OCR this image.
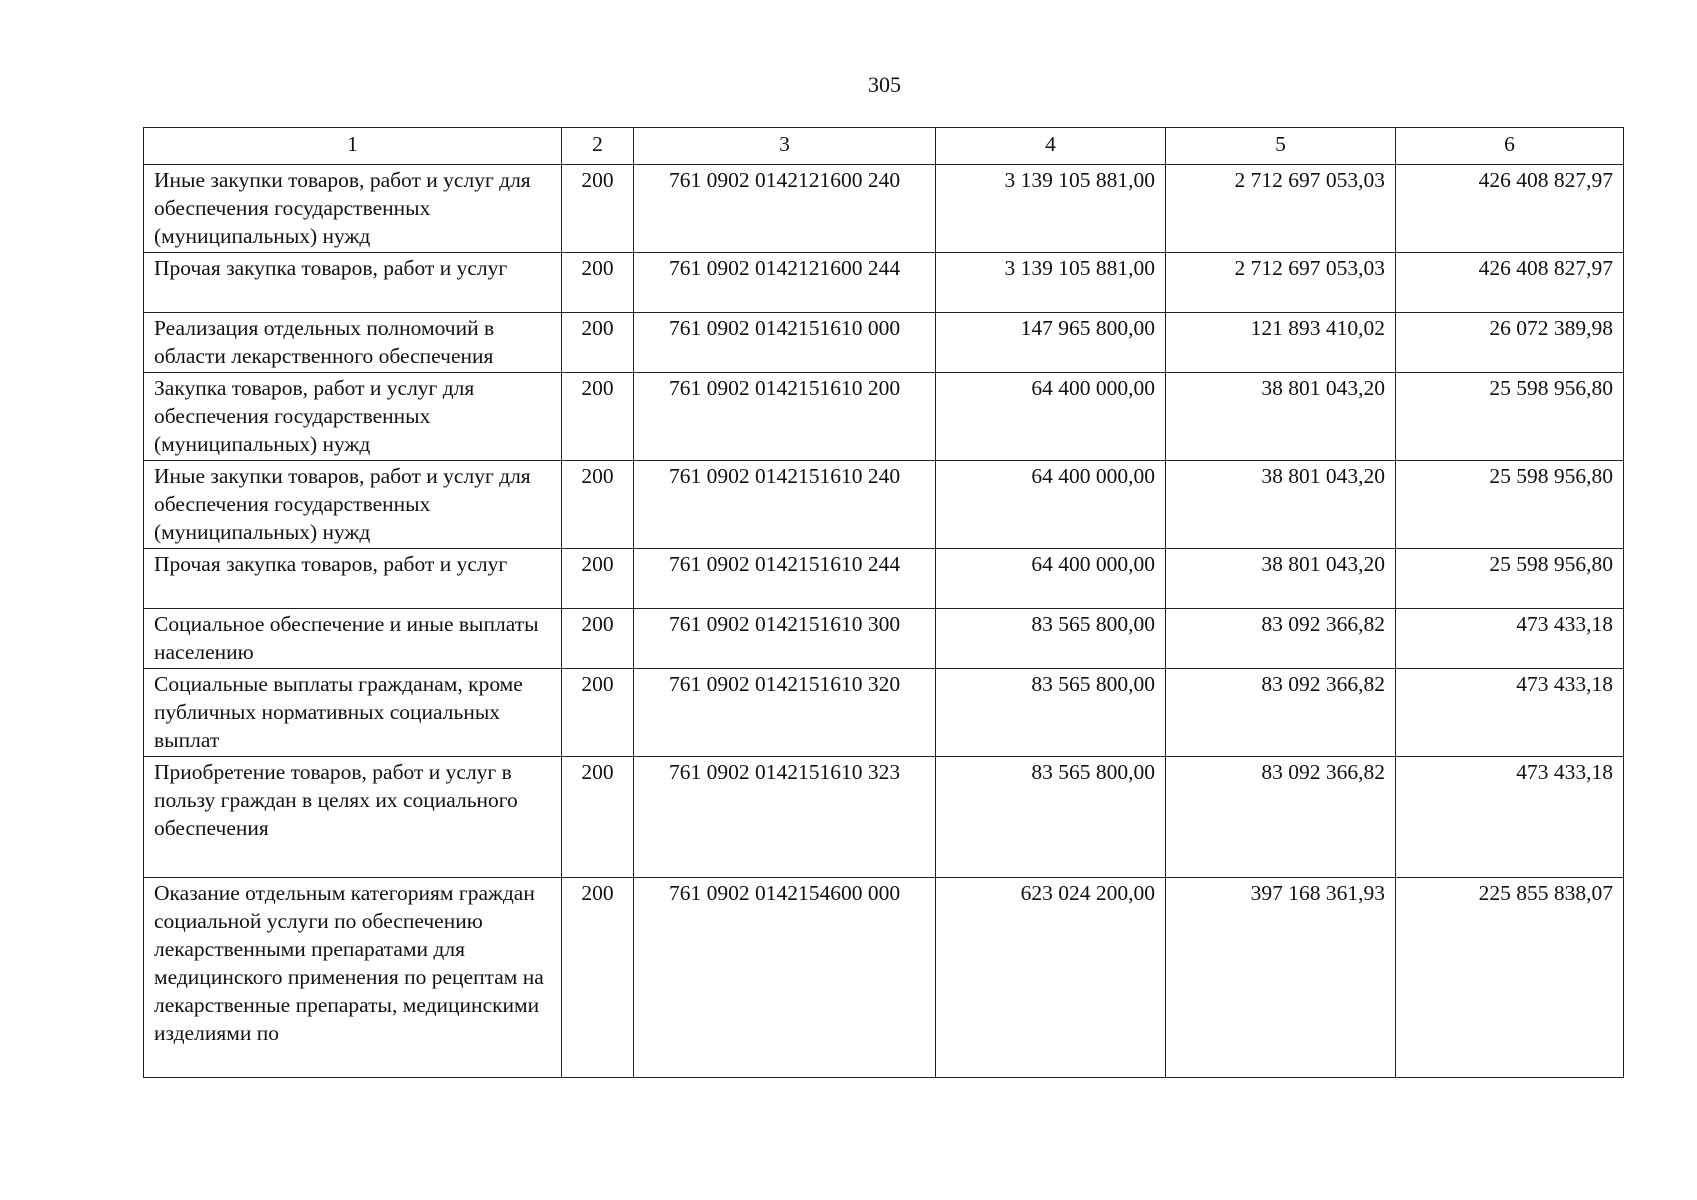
305
1	2	3	4	5	6
Иные закупки товаров, работ и услуг для обеспечения государственных (муниципальных) нужд	200	761 0902 0142121600 240	3 139 105 881,00	2 712 697 053,03	426 408 827,97
Прочая закупка товаров, работ и услуг	200	761 0902 0142121600 244	3 139 105 881,00	2 712 697 053,03	426 408 827,97
Реализация отдельных полномочий в области лекарственного обеспечения	200	761 0902 0142151610 000	147 965 800,00	121 893 410,02	26 072 389,98
Закупка товаров, работ и услуг для обеспечения государственных (муниципальных) нужд	200	761 0902 0142151610 200	64 400 000,00	38 801 043,20	25 598 956,80
Иные закупки товаров, работ и услуг для обеспечения государственных (муниципальных) нужд	200	761 0902 0142151610 240	64 400 000,00	38 801 043,20	25 598 956,80
Прочая закупка товаров, работ и услуг	200	761 0902 0142151610 244	64 400 000,00	38 801 043,20	25 598 956,80
Социальное обеспечение и иные выплаты населению	200	761 0902 0142151610 300	83 565 800,00	83 092 366,82	473 433,18
Социальные выплаты гражданам, кроме публичных нормативных социальных выплат	200	761 0902 0142151610 320	83 565 800,00	83 092 366,82	473 433,18
Приобретение товаров, работ и услуг в пользу граждан в целях их социального обеспечения	200	761 0902 0142151610 323	83 565 800,00	83 092 366,82	473 433,18
Оказание отдельным категориям граждан социальной услуги по обеспечению лекарственными препаратами для медицинского применения по рецептам на лекарственные препараты, медицинскими изделиями по	200	761 0902 0142154600 000	623 024 200,00	397 168 361,93	225 855 838,07
